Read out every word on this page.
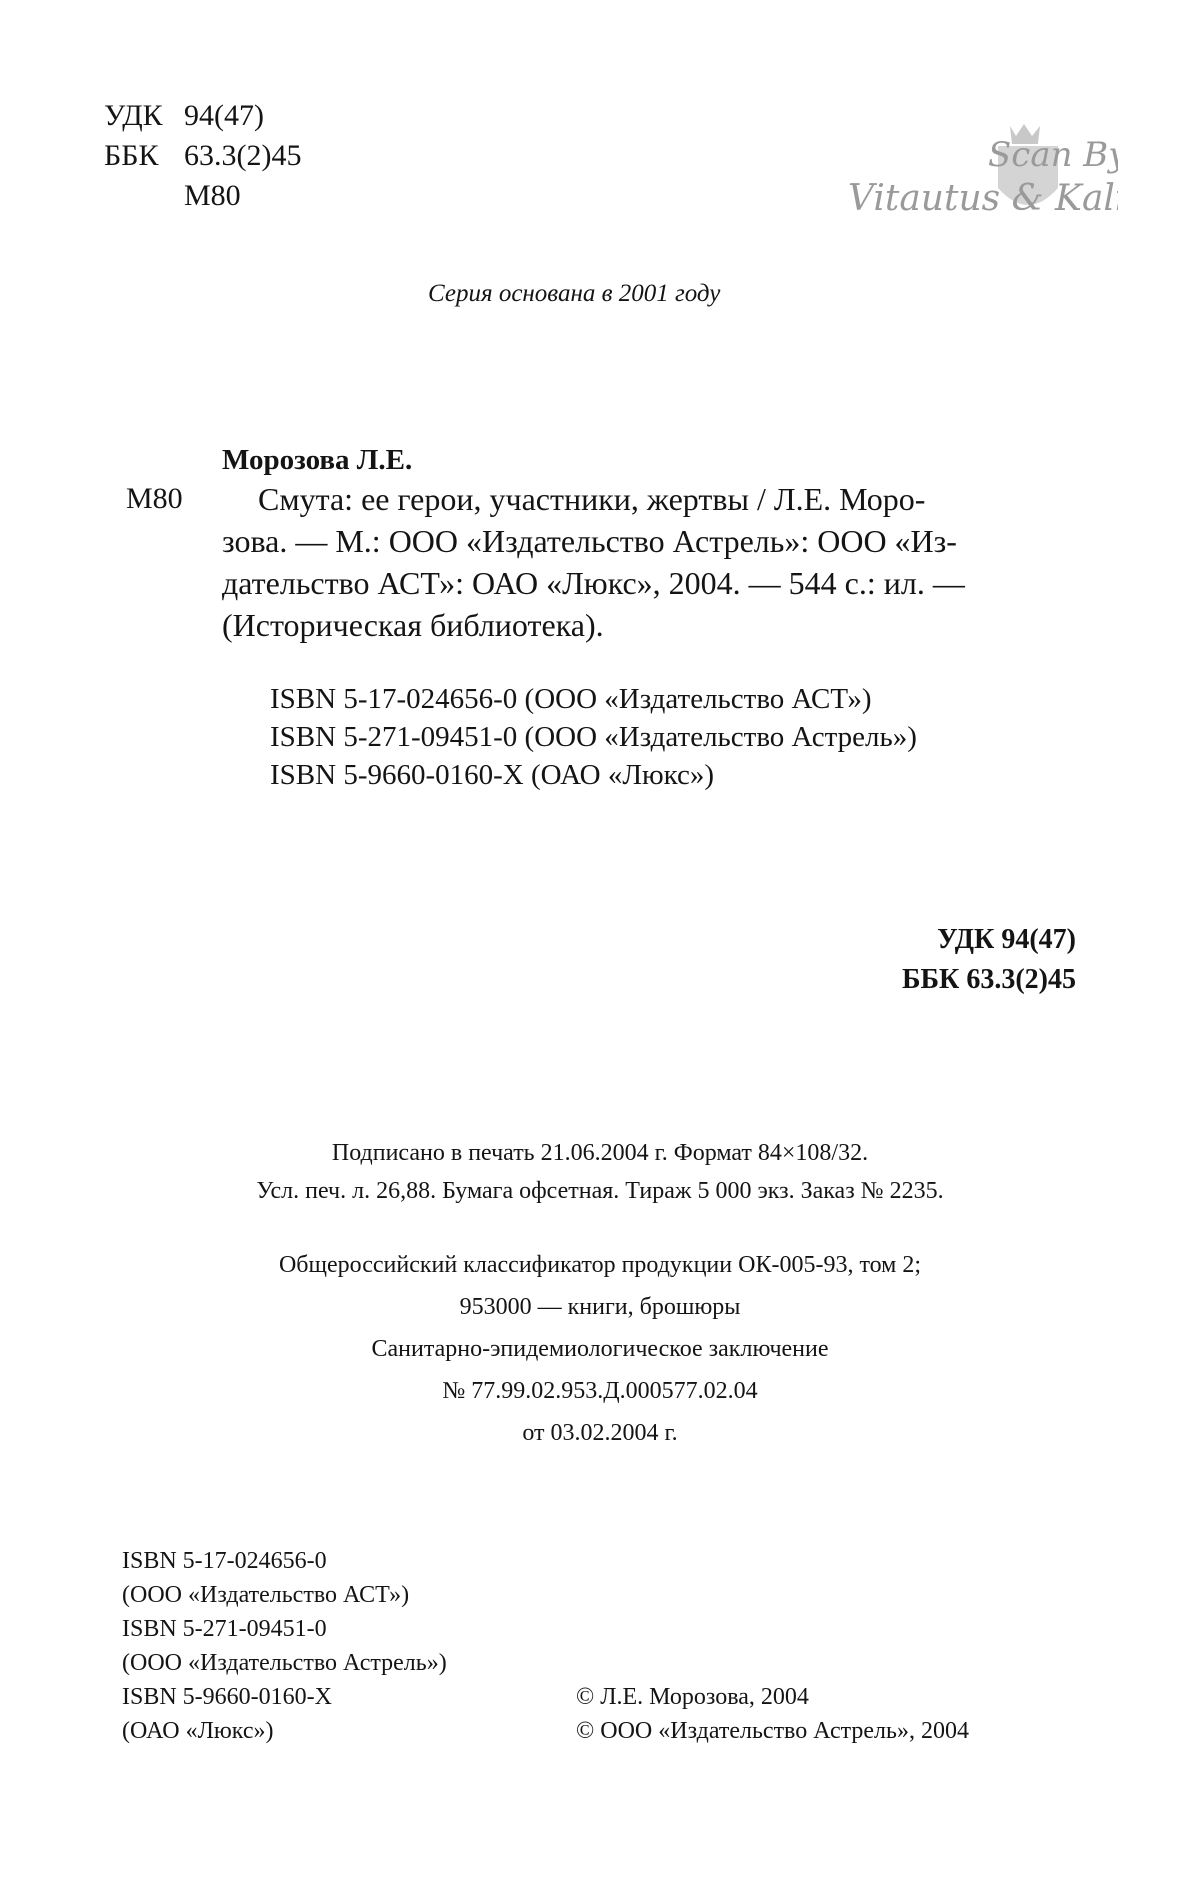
УДК 94(47)
ББК 63.3(2)45
М80
Scan By
Vitautus & Kali
Серия основана в 2001 году
Морозова Л.Е.
М80	Смута: ее герои, участники, жертвы / Л.Е. Моро-
зова. — М.: ООО «Издательство Астрель»: ООО «Из-
дательство АСТ»: ОАО «Люкс», 2004. — 544 с.: ил. —
(Историческая библиотека).
ISBN 5-17-024656-0 (ООО «Издательство АСТ»)
ISBN 5-271-09451-0 (ООО «Издательство Астрель»)
ISBN 5-9660-0160-Х (ОАО «Люкс»)
УДК 94(47)
ББК 63.3(2)45
Подписано в печать 21.06.2004 г. Формат 84×108/32.
Усл. печ. л. 26,88. Бумага офсетная. Тираж 5 000 экз. Заказ № 2235.
Общероссийский классификатор продукции ОК-005-93, том 2;
953000 — книги, брошюры
Санитарно-эпидемиологическое заключение
№ 77.99.02.953.Д.000577.02.04
от 03.02.2004 г.
ISBN 5-17-024656-0
(ООО «Издательство АСТ»)
ISBN 5-271-09451-0
(ООО «Издательство Астрель»)
ISBN 5-9660-0160-Х
(ОАО «Люкс»)
© Л.Е. Морозова, 2004
© ООО «Издательство Астрель», 2004
